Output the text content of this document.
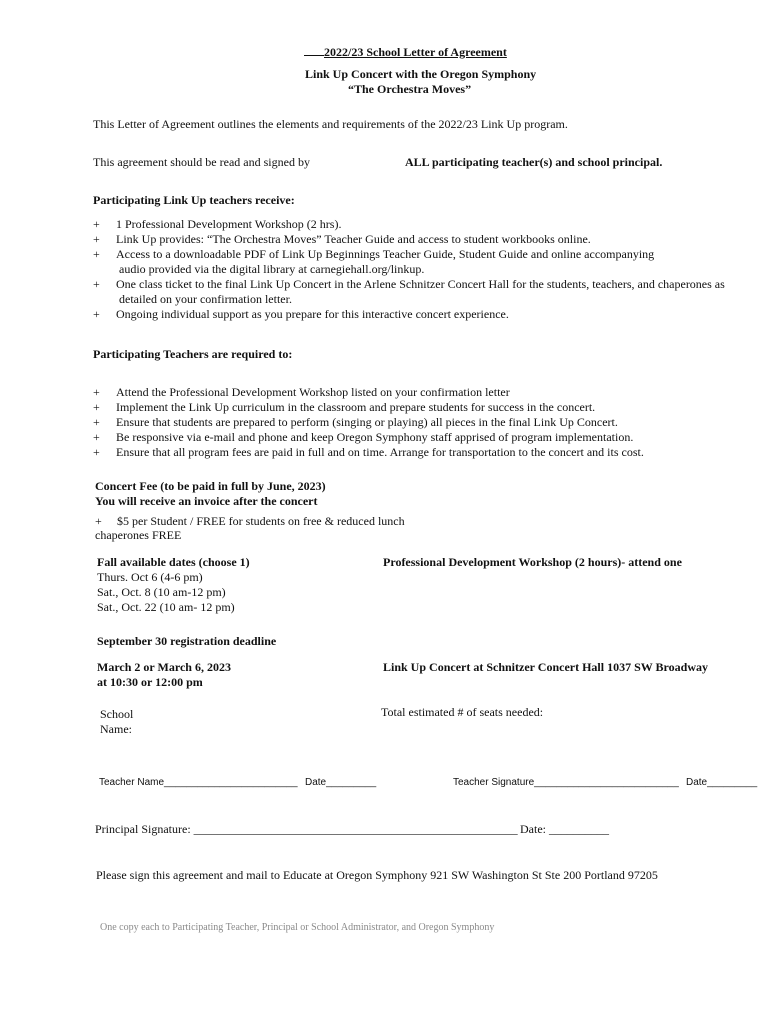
2022/23 School Letter of Agreement
Link Up Concert with the Oregon Symphony
“The Orchestra Moves”
This Letter of Agreement outlines the elements and requirements of the 2022/23 Link Up program.
This agreement should be read and signed by	ALL participating teacher(s) and school principal.
Participating Link Up teachers receive:
+ 1 Professional Development Workshop (2 hrs).
+ Link Up provides: “The Orchestra Moves” Teacher Guide and access to student workbooks online.
+ Access to a downloadable PDF of Link Up Beginnings Teacher Guide, Student Guide and online accompanying
audio provided via the digital library at carnegiehall.org/linkup.
+ One class ticket to the final Link Up Concert in the Arlene Schnitzer Concert Hall for the students, teachers, and chaperones as
detailed on your confirmation letter.
+ Ongoing individual support as you prepare for this interactive concert experience.
Participating Teachers are required to:
+ Attend the Professional Development Workshop listed on your confirmation letter
+ Implement the Link Up curriculum in the classroom and prepare students for success in the concert.
+ Ensure that students are prepared to perform (singing or playing) all pieces in the final Link Up Concert.
+ Be responsive via e-mail and phone and keep Oregon Symphony staff apprised of program implementation.
+ Ensure that all program fees are paid in full and on time. Arrange for transportation to the concert and its cost.
Concert Fee (to be paid in full by June, 2023)
You will receive an invoice after the concert
+ $5 per Student / FREE for students on free & reduced lunch
chaperones FREE
Fall available dates (choose 1)
Thurs. Oct 6 (4-6 pm)
Sat., Oct. 8 (10 am-12 pm)
Sat., Oct. 22 (10 am- 12 pm)
Professional Development Workshop (2 hours)- attend one
September 30 registration deadline
March 2 or March 6, 2023
at 10:30 or 12:00 pm
Link Up Concert at Schnitzer Concert Hall 1037 SW Broadway
School
Name:
Total estimated # of seats needed:
Teacher Name________________________ Date_________	Teacher Signature__________________________ Date_________
Principal Signature: ______________________________________________________ Date: __________
Please sign this agreement and mail to Educate at Oregon Symphony 921 SW Washington St Ste 200 Portland 97205
One copy each to Participating Teacher, Principal or School Administrator, and Oregon Symphony
